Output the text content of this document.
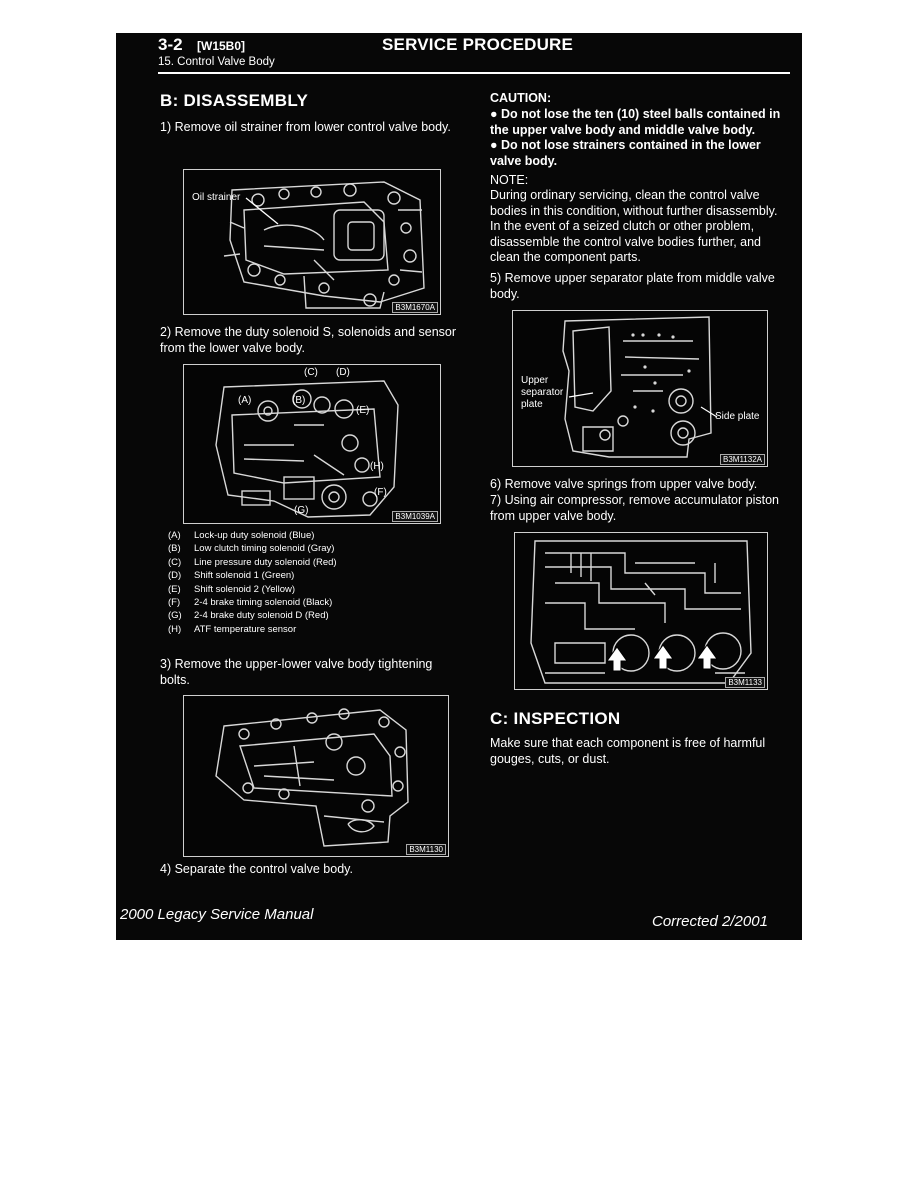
3-2 [W15B0]
15. Control Valve Body
SERVICE PROCEDURE
B: DISASSEMBLY
1) Remove oil strainer from lower control valve body.
Oil strainer
B3M1670A
2) Remove the duty solenoid S, solenoids and sensor from the lower valve body.
(C) (D)
(A)	(B)
(E)
(H)
(F)
(G)
B3M1039A
(A) Lock-up duty solenoid (Blue)
(B) Low clutch timing solenoid (Gray)
(C) Line pressure duty solenoid (Red)
(D) Shift solenoid 1 (Green)
(E) Shift solenoid 2 (Yellow)
(F) 2-4 brake timing solenoid (Black)
(G) 2-4 brake duty solenoid D (Red)
(H) ATF temperature sensor
3) Remove the upper-lower valve body tightening bolts.
B3M1130
4) Separate the control valve body.
CAUTION:
● Do not lose the ten (10) steel balls contained in the upper valve body and middle valve body.
● Do not lose strainers contained in the lower valve body.
NOTE:
During ordinary servicing, clean the control valve bodies in this condition, without further disassembly. In the event of a seized clutch or other problem, disassemble the control valve bodies further, and clean the component parts.
5) Remove upper separator plate from middle valve body.
Upper
separator
plate
Side plate
B3M1132A
6) Remove valve springs from upper valve body.
7) Using air compressor, remove accumulator piston from upper valve body.
B3M1133
C: INSPECTION
Make sure that each component is free of harmful gouges, cuts, or dust.
2000 Legacy Service Manual	Corrected 2/2001
